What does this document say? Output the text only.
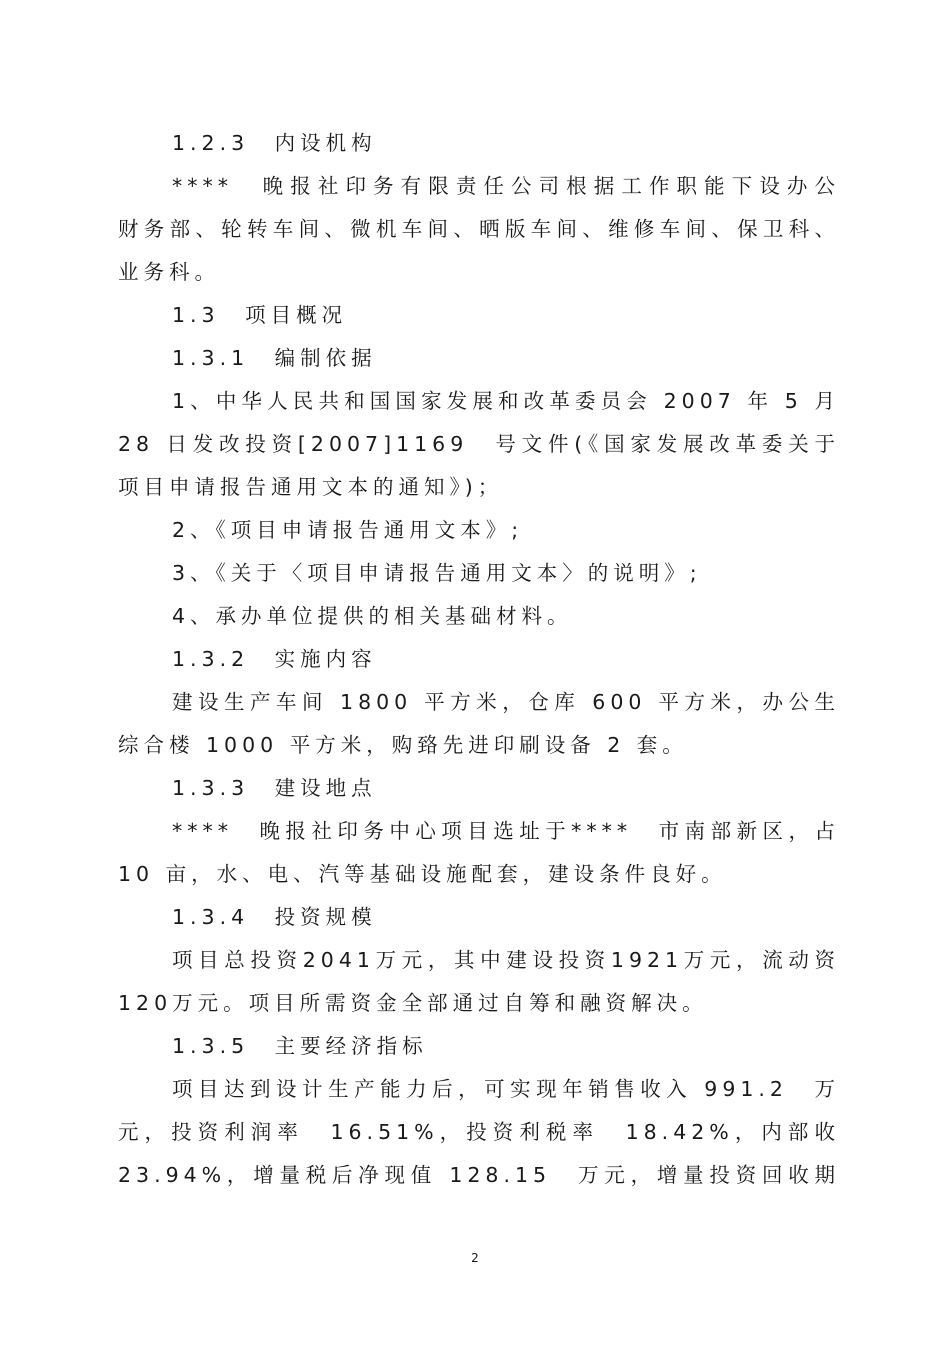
1.2.3　内设机构
****　晚报社印务有限责任公司根据工作职能下设办公
财务部、轮转车间、微机车间、晒版车间、维修车间、保卫科、
业务科。
1.3　项目概况
1.3.1　编制依据
1、中华人民共和国国家发展和改革委员会 2007 年 5 月
28 日发改投资[2007]1169　号文件(《国家发展改革委关于
项目申请报告通用文本的通知》)；
2、《项目申请报告通用文本》;
3、《关于〈项目申请报告通用文本〉的说明》;
4、承办单位提供的相关基础材料。
1.3.2　实施内容
建设生产车间 1800 平方米，仓库 600 平方米，办公生
综合楼 1000 平方米，购臵先进印刷设备 2 套。
1.3.3　建设地点
****　晚报社印务中心项目选址于****　市南部新区，占
10 亩，水、电、汽等基础设施配套，建设条件良好。
1.3.4　投资规模
项目总投资2041万元，其中建设投资1921万元，流动资
120万元。项目所需资金全部通过自筹和融资解决。
1.3.5　主要经济指标
项目达到设计生产能力后，可实现年销售收入 991.2　万
元，投资利润率　16.51%，投资利税率　18.42%，内部收
23.94%，增量税后净现值 128.15　万元，增量投资回收期
2
